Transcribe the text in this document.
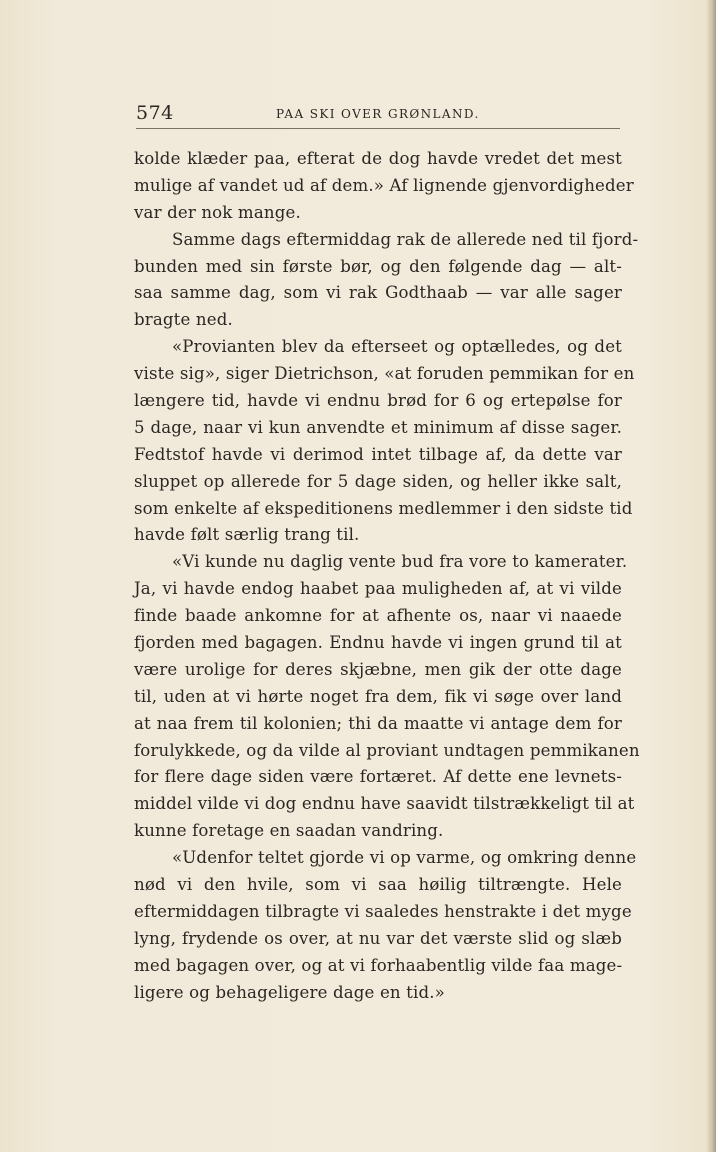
574	PAA SKI OVER GRØNLAND.
kolde klæder paa, efterat de dog havde vredet det mest
mulige af vandet ud af dem.» Af lignende gjenvordigheder
var der nok mange.
Samme dags eftermiddag rak de allerede ned til fjord-
bunden med sin første bør, og den følgende dag — alt-
saa samme dag, som vi rak Godthaab — var alle sager
bragte ned.
«Provianten blev da efterseet og optælledes, og det
viste sig», siger Dietrichson, «at foruden pemmikan for en
længere tid, havde vi endnu brød for 6 og ertepølse for
5 dage, naar vi kun anvendte et minimum af disse sager.
Fedtstof havde vi derimod intet tilbage af, da dette var
sluppet op allerede for 5 dage siden, og heller ikke salt,
som enkelte af ekspeditionens medlemmer i den sidste tid
havde følt særlig trang til.
«Vi kunde nu daglig vente bud fra vore to kamerater.
Ja, vi havde endog haabet paa muligheden af, at vi vilde
finde baade ankomne for at afhente os, naar vi naaede
fjorden med bagagen. Endnu havde vi ingen grund til at
være urolige for deres skjæbne, men gik der otte dage
til, uden at vi hørte noget fra dem, fik vi søge over land
at naa frem til kolonien; thi da maatte vi antage dem for
forulykkede, og da vilde al proviant undtagen pemmikanen
for flere dage siden være fortæret. Af dette ene levnets-
middel vilde vi dog endnu have saavidt tilstrækkeligt til at
kunne foretage en saadan vandring.
«Udenfor teltet gjorde vi op varme, og omkring denne
nød vi den hvile, som vi saa høilig tiltrængte. Hele
eftermiddagen tilbragte vi saaledes henstrakte i det myge
lyng, frydende os over, at nu var det værste slid og slæb
med bagagen over, og at vi forhaabentlig vilde faa mage-
ligere og behageligere dage en tid.»
